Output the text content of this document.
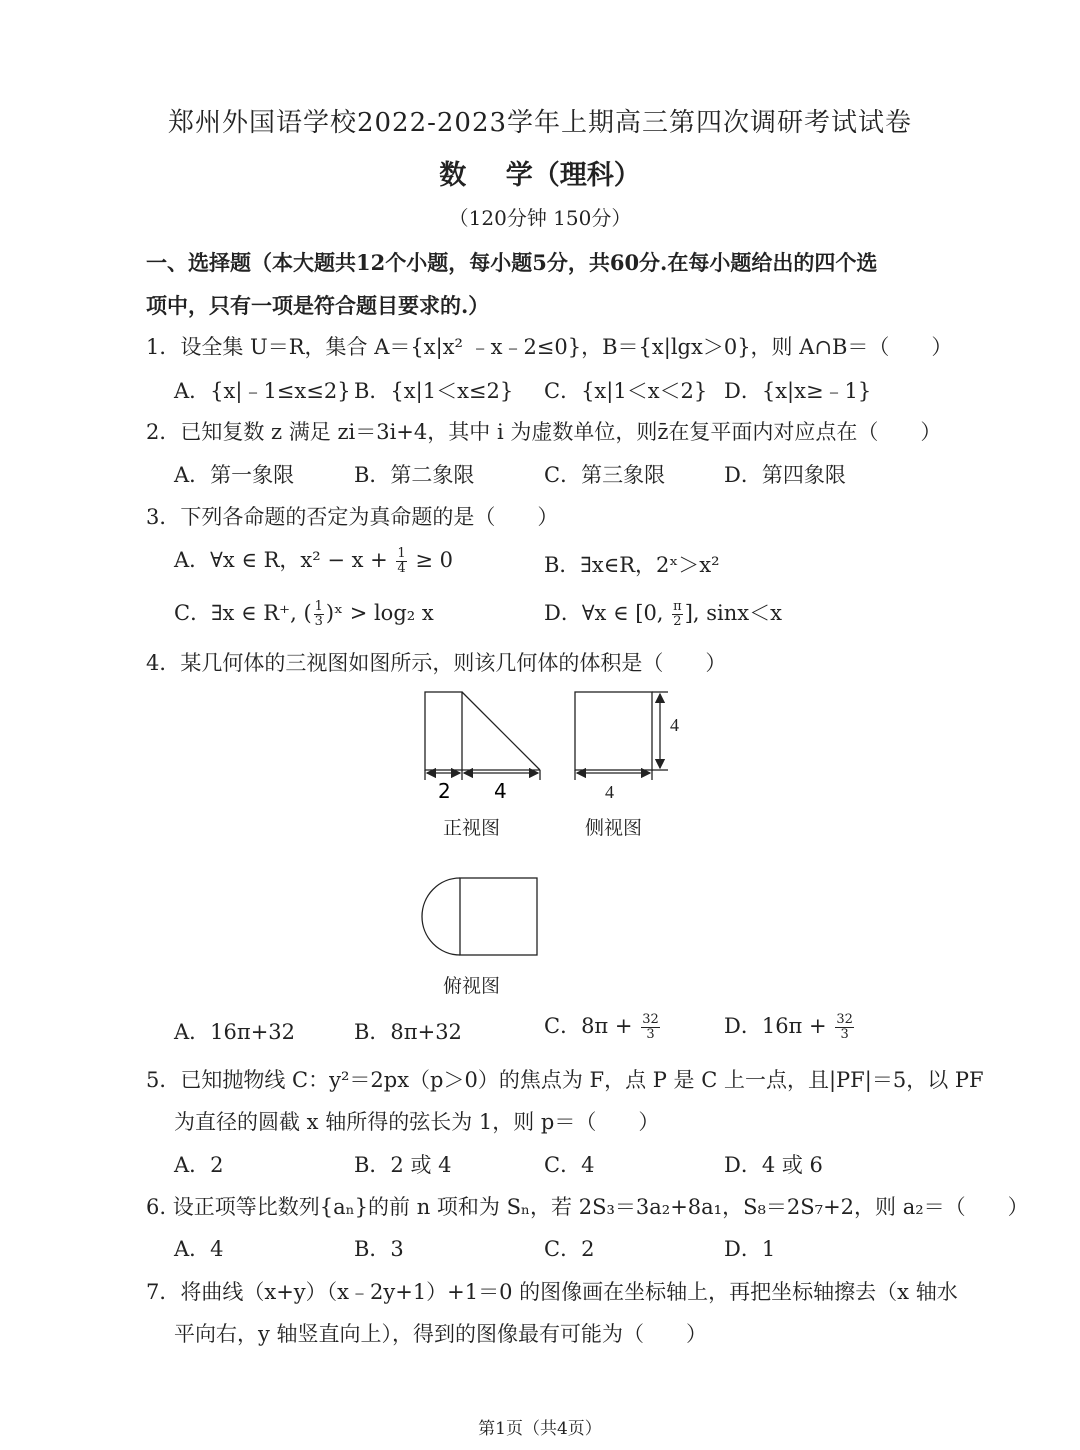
郑州外国语学校2022-2023学年上期高三第四次调研考试试卷
数 学（理科）
（120分钟 150分）
一、选择题（本大题共12个小题，每小题5分，共60分.在每小题给出的四个选
项中，只有一项是符合题目要求的.）
1．设全集 U＝R，集合 A＝{x|x² ﹣x﹣2≤0}，B＝{x|lgx＞0}，则 A∩B＝（　　）
A．{x|﹣1≤x≤2} B．{x|1＜x≤2} C．{x|1＜x＜2} D．{x|x≥﹣1}
2．已知复数 z 满足 zi＝3i+4，其中 i 为虚数单位，则z̄在复平面内对应点在（　　）
A．第一象限	B．第二象限	C．第三象限	D．第四象限
3．下列各命题的否定为真命题的是（　　）
A．∀x ∈ R，$x^2 - x + \frac{1}{4} \ge 0$	B．∃x∈R，2ˣ＞x²
C．∃x ∈ R⁺, ( $\frac{1}{3}$ )ˣ > log₂ x	D．∀x ∈ [0, $\frac{\pi}{2}$ ], sinx＜x
4．某几何体的三视图如图所示，则该几何体的体积是（　　）
2 4
正视图
4
4
侧视图
俯视图
A．16π+32	B．8π+32	C．$8\pi + \frac{32}{3}$	D．$16\pi + \frac{32}{3}$
5．已知抛物线 C：y²＝2px（p＞0）的焦点为 F，点 P 是 C 上一点，且|PF|＝5，以 PF
为直径的圆截 x 轴所得的弦长为 1，则 p＝（　　）
A．2	B．2 或 4	C．4	D．4 或 6
6. 设正项等比数列{aₙ}的前 n 项和为 Sₙ，若 2S₃＝3a₂+8a₁，S₈＝2S₇+2，则 a₂＝（　　）
A．4	B．3	C．2	D．1
7．将曲线（x+y）（x﹣2y+1）+1＝0 的图像画在坐标轴上，再把坐标轴擦去（x 轴水
平向右，y 轴竖直向上），得到的图像最有可能为（　　）
第1页（共4页）
